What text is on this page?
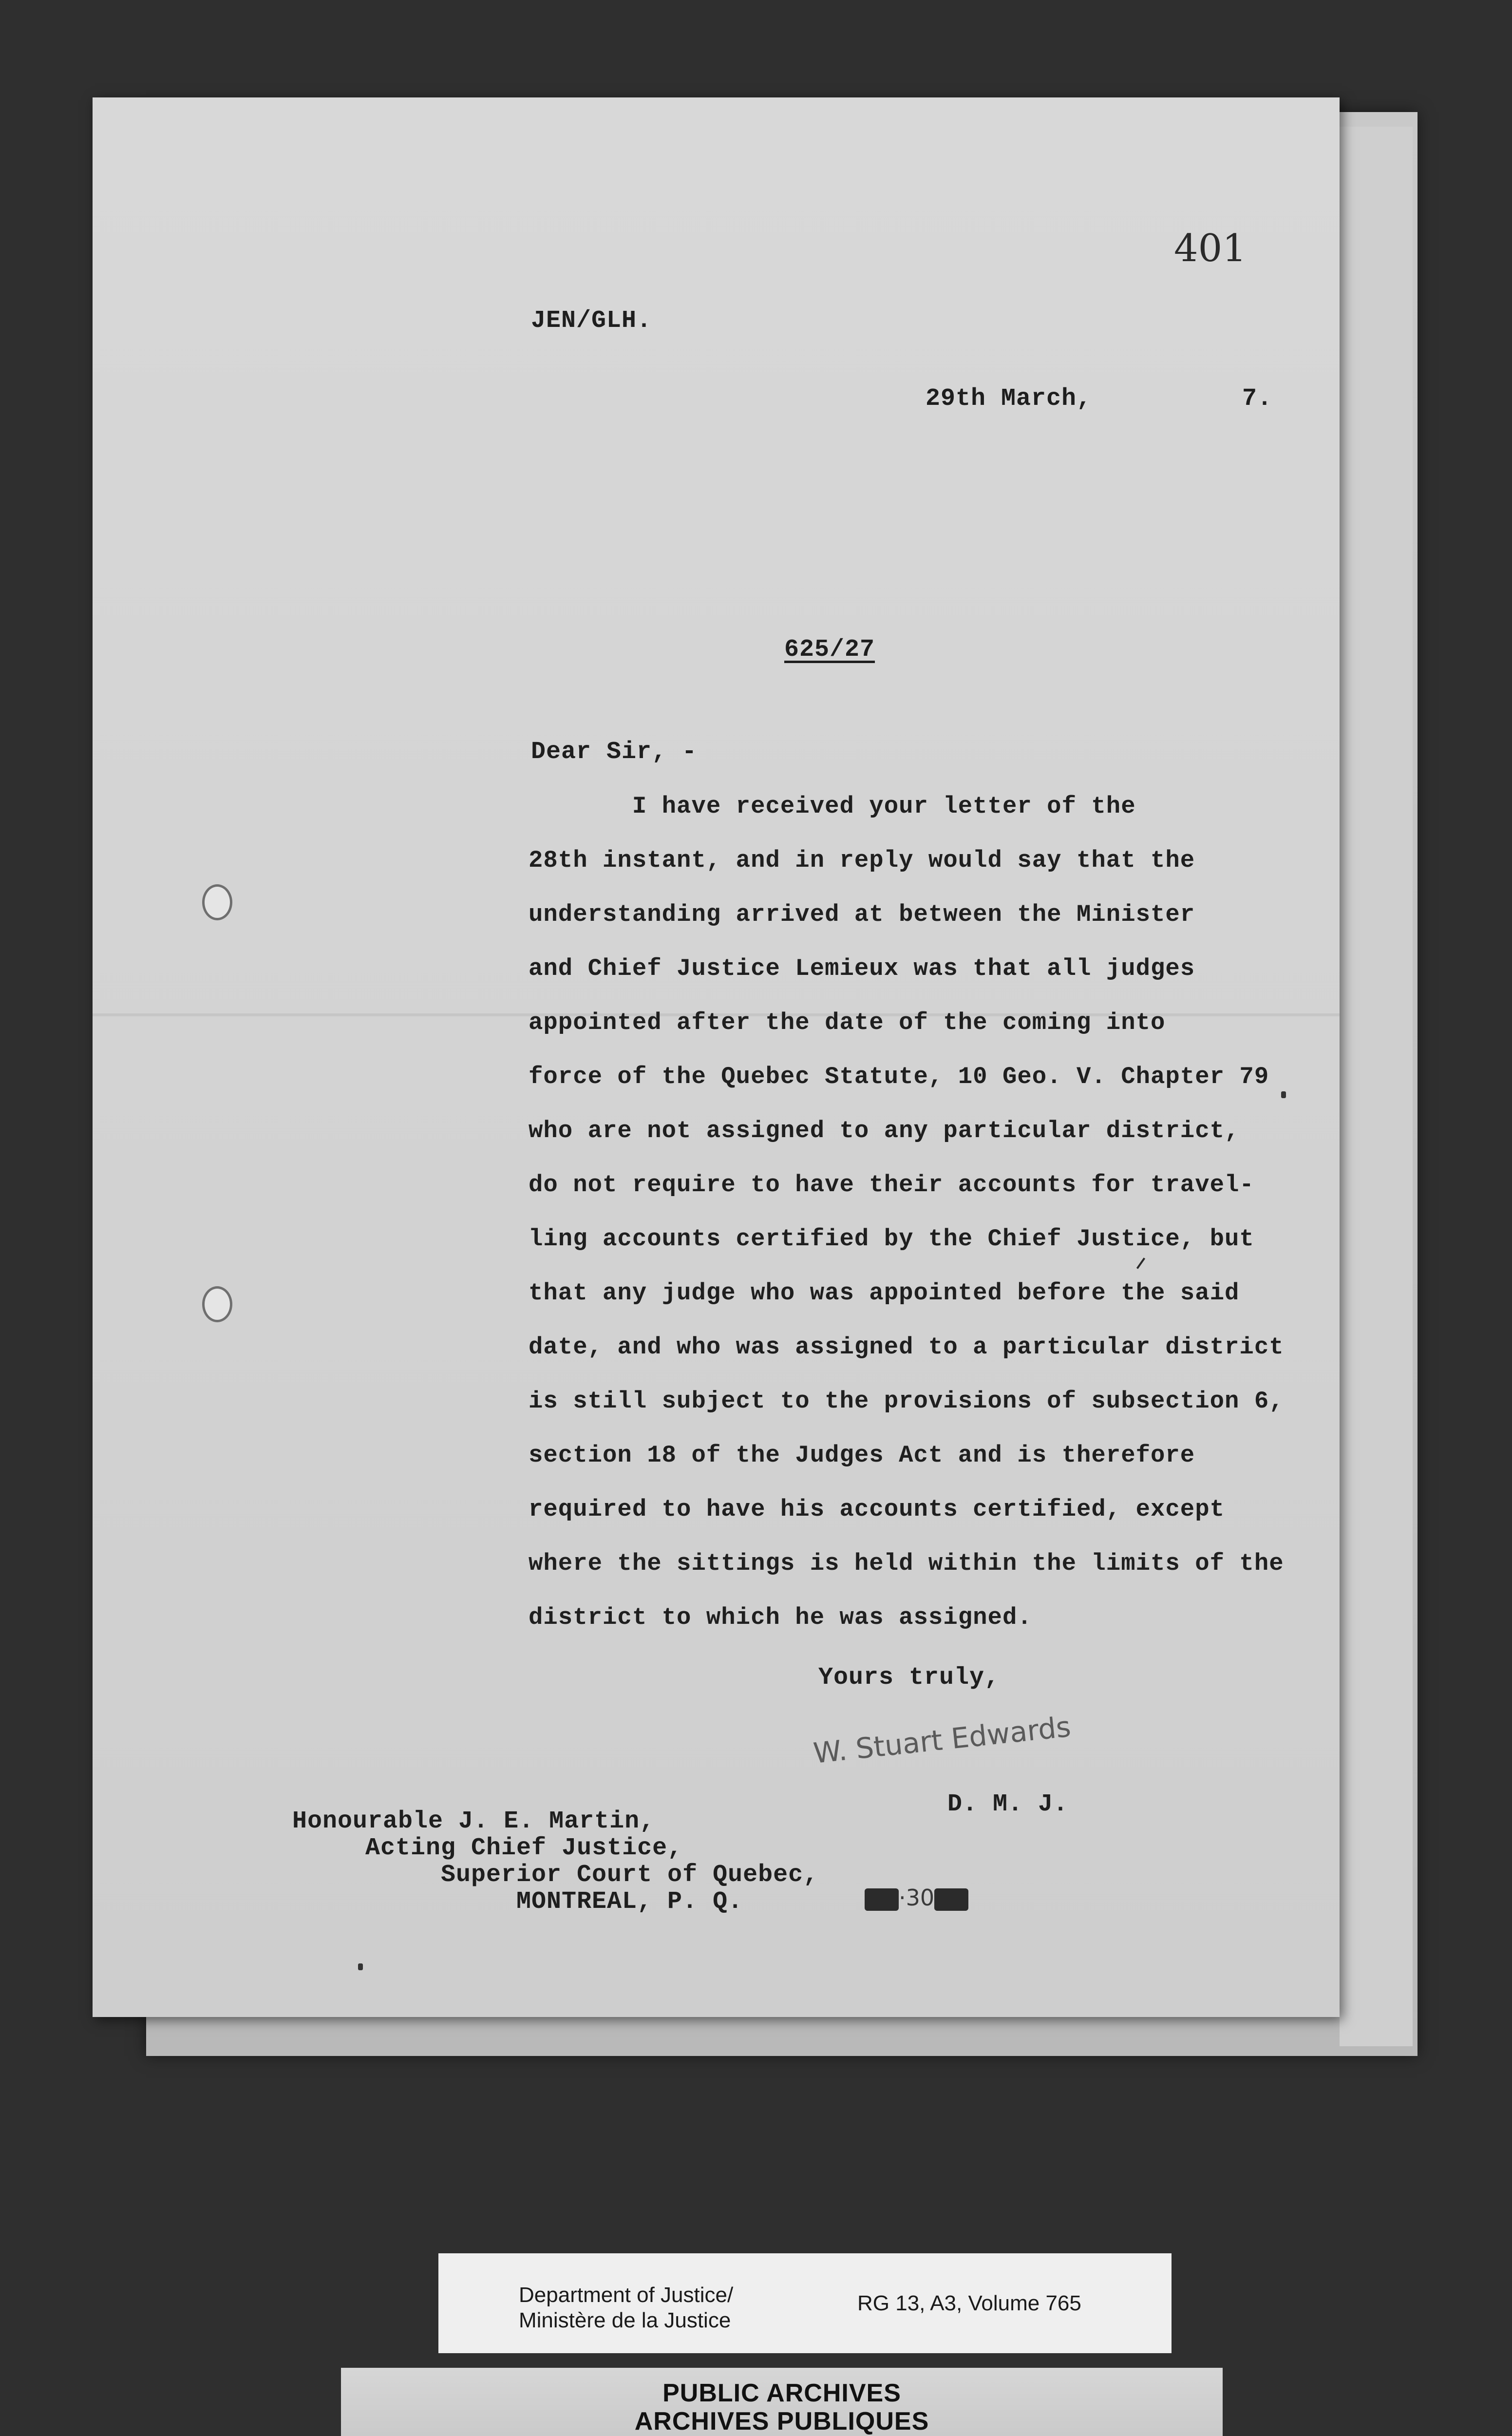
401
JEN/GLH.
29th March,	7.
625/27
Dear Sir, -
I have received your letter of the
28th instant, and in reply would say that the
understanding arrived at between the Minister
and Chief Justice Lemieux was that all judges
appointed after the date of the coming into
force of the Quebec Statute, 10 Geo. V. Chapter 79
who are not assigned to any particular district,
do not require to have their accounts for travel-
ling accounts certified by the Chief Justice, but
that any judge who was appointed before the said
date, and who was assigned to a particular district
is still subject to the provisions of subsection 6,
section 18 of the Judges Act and is therefore
required to have his accounts certified, except
where the sittings is held within the limits of the
district to which he was assigned.
Yours truly,
W. Stuart Edwards
D. M. J.
Honourable J. E. Martin,
Acting Chief Justice,
Superior Court of Quebec,
MONTREAL, P. Q.	·30
Department of Justice/
Ministère de la Justice
RG 13, A3, Volume 765
PUBLIC ARCHIVES
ARCHIVES PUBLIQUES
